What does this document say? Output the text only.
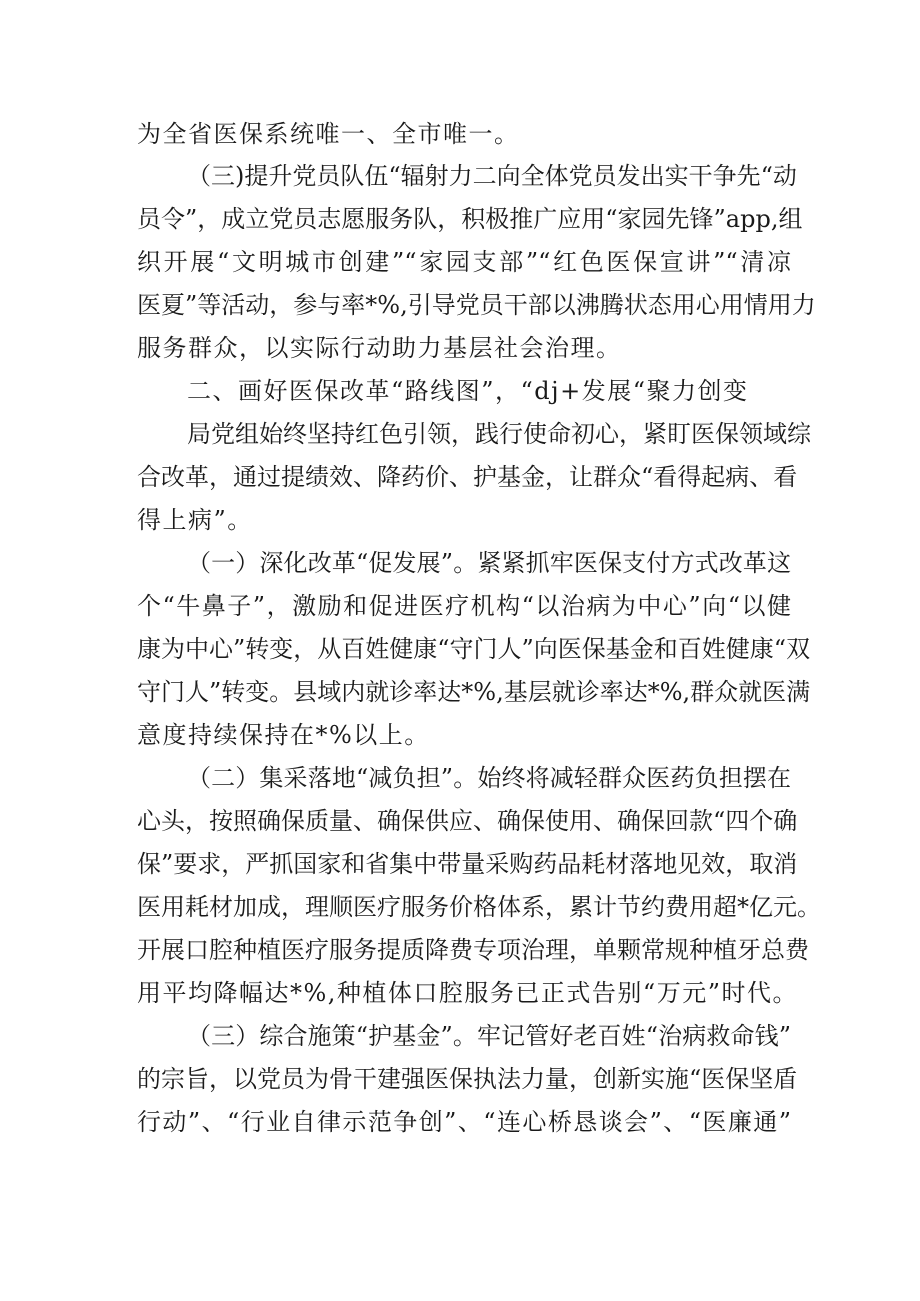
为全省医保系统唯一、全市唯一。
（三)提升党员队伍“辐射力二向全体党员发出实干争先“动
员令”，成立党员志愿服务队，积极推广应用“家园先锋”app,组
织开展“文明城市创建”“家园支部”“红色医保宣讲”“清凉
医夏”等活动，参与率*%,引导党员干部以沸腾状态用心用情用力
服务群众，以实际行动助力基层社会治理。
二、画好医保改革“路线图”，“dj+发展“聚力创变
局党组始终坚持红色引领，践行使命初心，紧盯医保领域综
合改革，通过提绩效、降药价、护基金，让群众“看得起病、看
得上病”。
（一）深化改革“促发展”。紧紧抓牢医保支付方式改革这
个“牛鼻子”，激励和促进医疗机构“以治病为中心”向“以健
康为中心”转变，从百姓健康“守门人”向医保基金和百姓健康“双
守门人”转变。县域内就诊率达*%,基层就诊率达*%,群众就医满
意度持续保持在*%以上。
（二）集采落地“减负担”。始终将减轻群众医药负担摆在
心头，按照确保质量、确保供应、确保使用、确保回款“四个确
保”要求，严抓国家和省集中带量采购药品耗材落地见效，取消
医用耗材加成，理顺医疗服务价格体系，累计节约费用超*亿元。
开展口腔种植医疗服务提质降费专项治理，单颗常规种植牙总费
用平均降幅达*%,种植体口腔服务已正式告别“万元”时代。
（三）综合施策“护基金”。牢记管好老百姓“治病救命钱”
的宗旨，以党员为骨干建强医保执法力量，创新实施“医保坚盾
行动”、“行业自律示范争创”、“连心桥恳谈会”、“医廉通”
